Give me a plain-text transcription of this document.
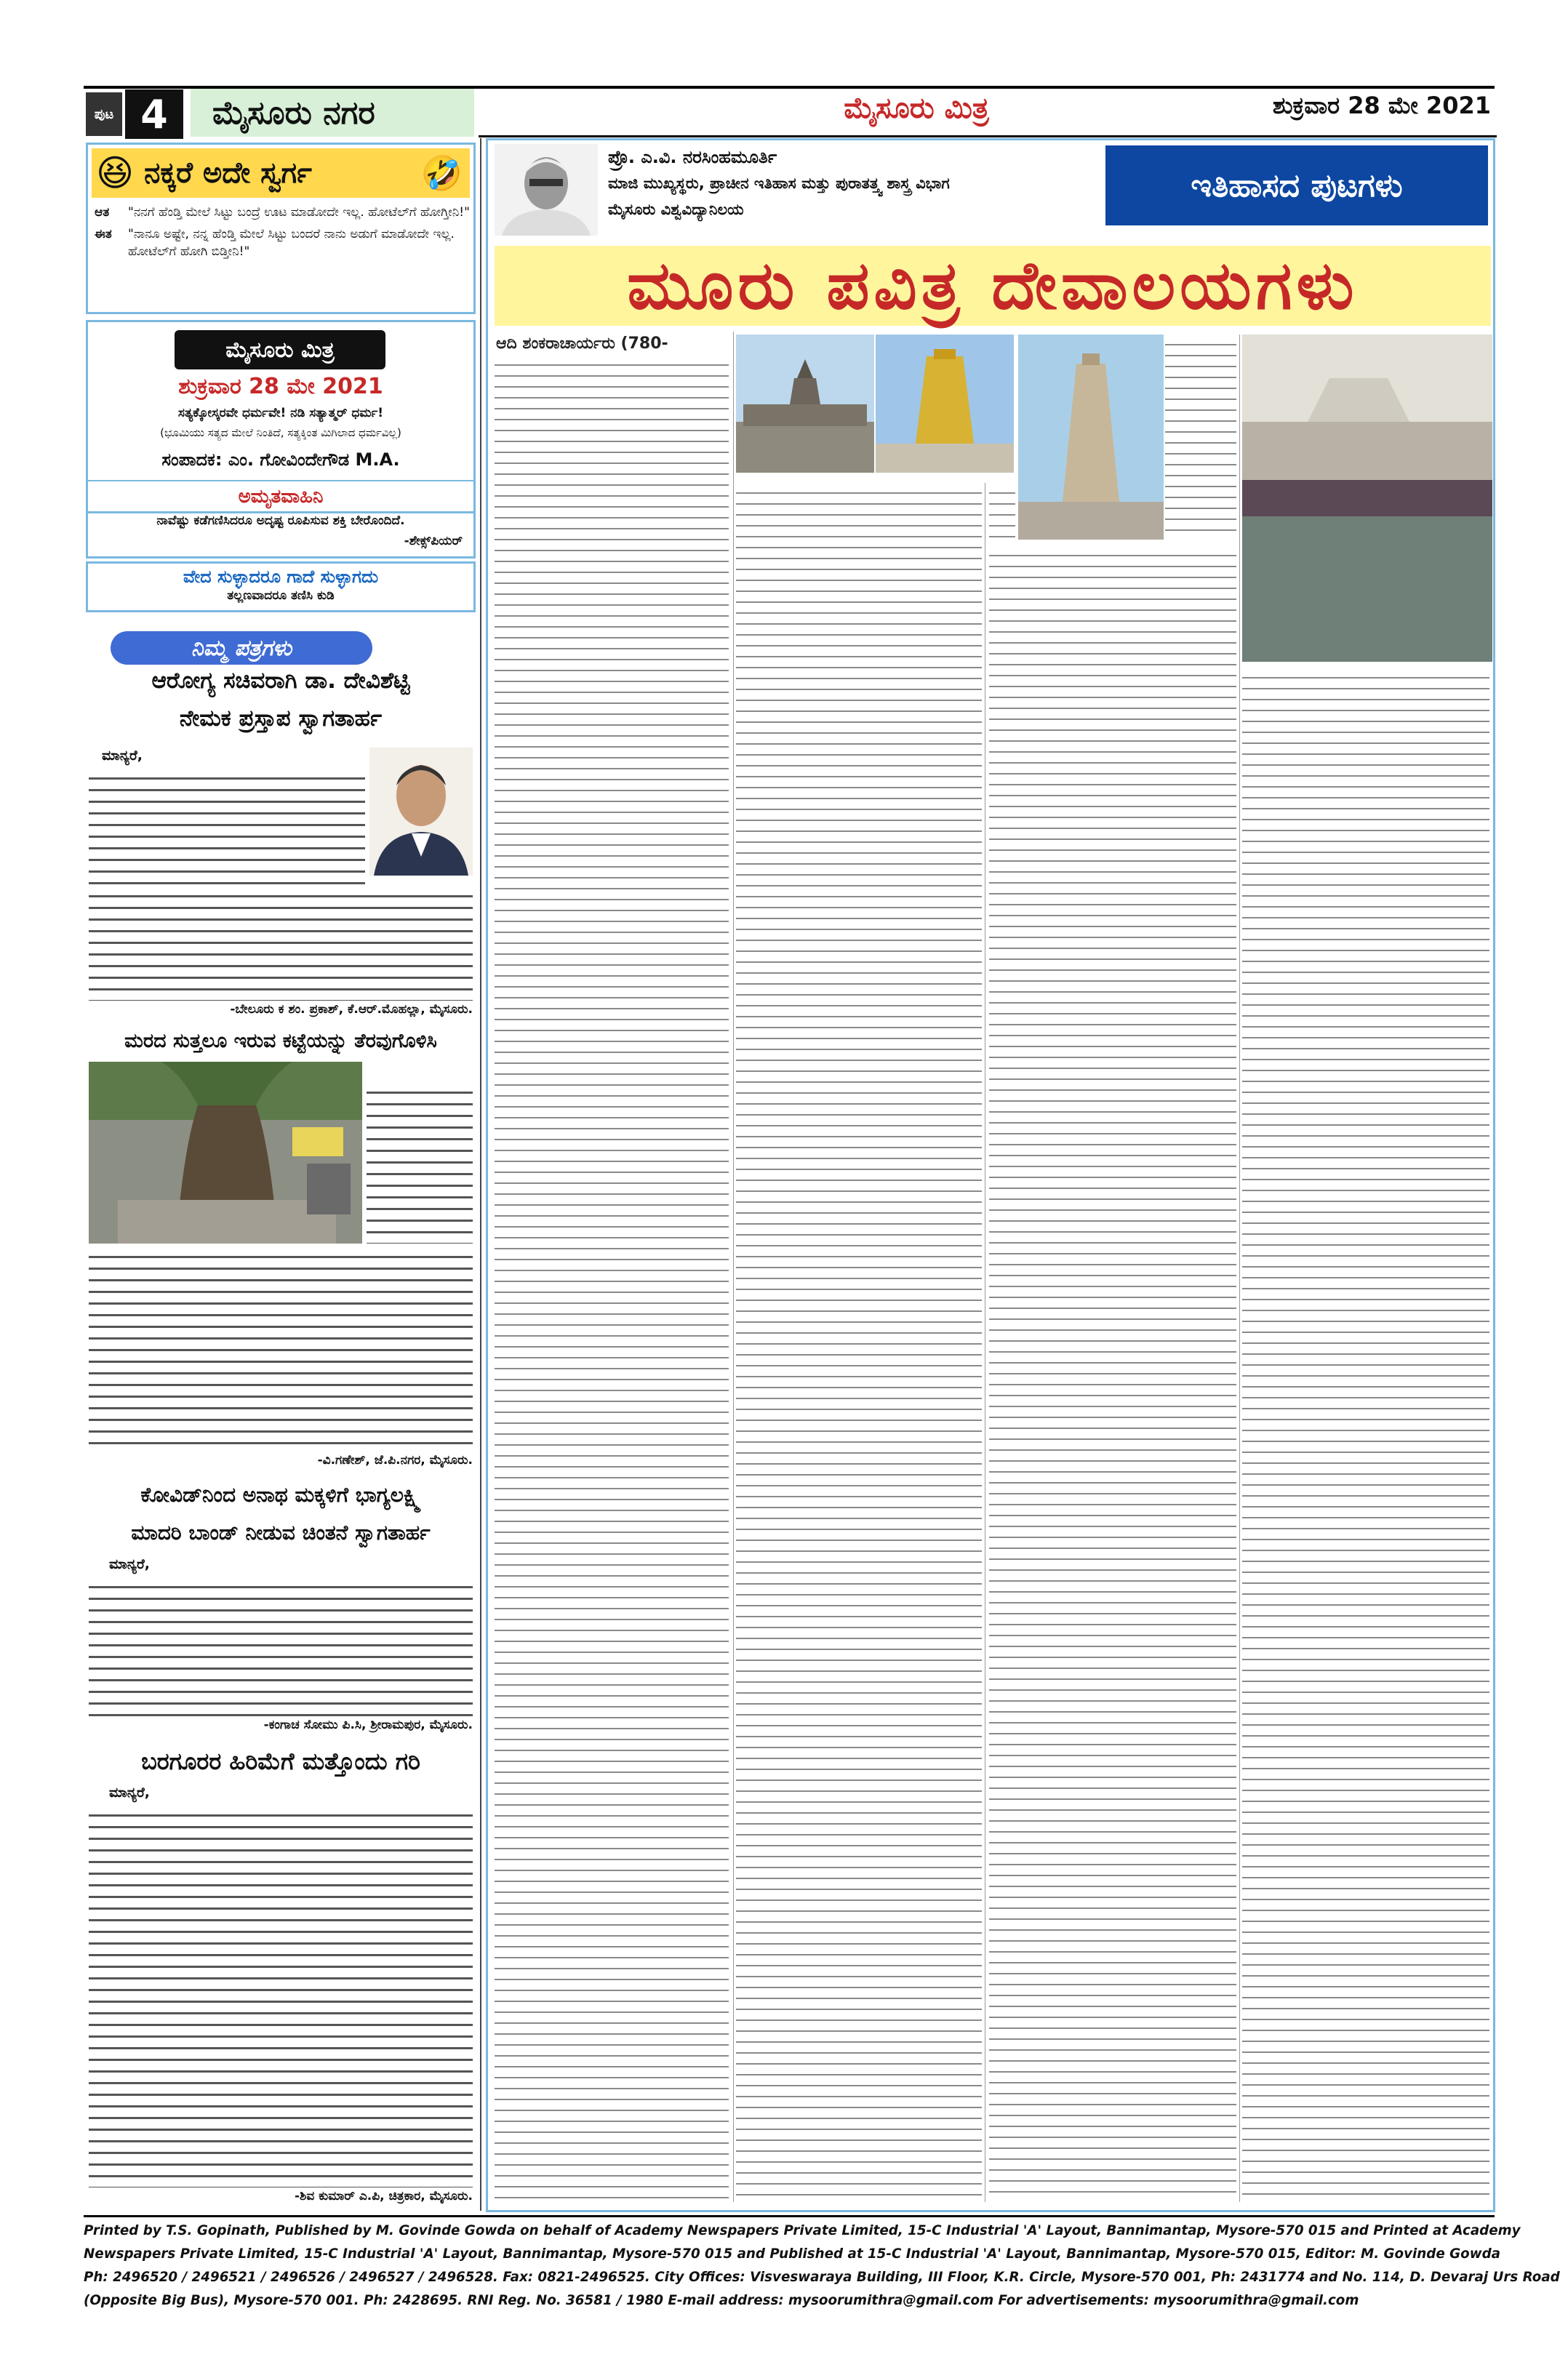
ಪುಟ 4	ಮೈಸೂರು ನಗರ	ಮೈಸೂರು ಮಿತ್ರ	ಶುಕ್ರವಾರ 28 ಮೇ 2021
😆 ನಕ್ಕರೆ ಅದೇ ಸ್ವರ್ಗ	🤣
ಆತ	"ನನಗೆ ಹೆಂಡ್ತಿ ಮೇಲೆ ಸಿಟ್ಟು ಬಂದ್ರೆ ಊಟ ಮಾಡೋದೇ ಇಲ್ಲ. ಹೋಟೆಲ್‌ಗೆ ಹೋಗ್ತೀನಿ!"
ಈತ	"ನಾನೂ ಅಷ್ಟೇ, ನನ್ನ ಹೆಂಡ್ತಿ ಮೇಲೆ ಸಿಟ್ಟು ಬಂದರೆ ನಾನು ಅಡುಗೆ ಮಾಡೋದೇ ಇಲ್ಲ. ಹೋಟೆಲ್‌ಗೆ ಹೋಗಿ ಬಿಡ್ತೀನಿ!"
ಮೈಸೂರು ಮಿತ್ರ
ಶುಕ್ರವಾರ 28 ಮೇ 2021
ಸತ್ಯಕ್ಕೋಸ್ಕರವೇ ಧರ್ಮವೇ! ನಡಿ ಸತ್ಯಾತ್ಮರ್ ಧರ್ಮ!
(ಭೂಮಿಯು ಸತ್ಯದ ಮೇಲೆ ನಿಂತಿದೆ, ಸತ್ಯಕ್ಕಿಂತ ಮಿಗಿಲಾದ ಧರ್ಮವಿಲ್ಲ)
ಸಂಪಾದಕ: ಎಂ. ಗೋವಿಂದೇಗೌಡ M.A.
ಅಮೃತವಾಹಿನಿ
ನಾವೆಷ್ಟು ಕಡೆಗಣಿಸಿದರೂ ಅದೃಷ್ಟ ರೂಪಿಸುವ ಶಕ್ತಿ ಬೇರೊಂದಿದೆ.
-ಶೇಕ್ಸ್‌ಪಿಯರ್
ವೇದ ಸುಳ್ಳಾದರೂ ಗಾದೆ ಸುಳ್ಳಾಗದು
ತಲ್ಲಣವಾದರೂ ತಣಿಸಿ ಕುಡಿ
ನಿಮ್ಮ ಪತ್ರಗಳು
ಆರೋಗ್ಯ ಸಚಿವರಾಗಿ ಡಾ. ದೇವಿಶೆಟ್ಟಿ
ನೇಮಕ ಪ್ರಸ್ತಾಪ ಸ್ವಾಗತಾರ್ಹ
ಮಾನ್ಯರೆ,
-ಬೇಲೂರು ಕ ಶಂ. ಪ್ರಕಾಶ್, ಕೆ.ಆರ್.ಮೊಹಲ್ಲಾ, ಮೈಸೂರು.
ಮರದ ಸುತ್ತಲೂ ಇರುವ ಕಟ್ಟೆಯನ್ನು ತೆರವುಗೊಳಿಸಿ
-ವಿ.ಗಣೇಶ್, ಜೆ.ಪಿ.ನಗರ, ಮೈಸೂರು.
ಕೋವಿಡ್‌ನಿಂದ ಅನಾಥ ಮಕ್ಕಳಿಗೆ ಭಾಗ್ಯಲಕ್ಷ್ಮಿ
ಮಾದರಿ ಬಾಂಡ್ ನೀಡುವ ಚಿಂತನೆ ಸ್ವಾಗತಾರ್ಹ
ಮಾನ್ಯರೆ,
-ಕಂಗಾಚ ಸೋಮು ಪಿ.ಸಿ, ಶ್ರೀರಾಮಪುರ, ಮೈಸೂರು.
ಬರಗೂರರ ಹಿರಿಮೆಗೆ ಮತ್ತೊಂದು ಗರಿ
ಮಾನ್ಯರೆ,
-ಶಿವ ಕುಮಾರ್ ಎ.ಪಿ, ಚಿತ್ರಕಾರ, ಮೈಸೂರು.
ಪ್ರೊ. ಎ.ವಿ. ನರಸಿಂಹಮೂರ್ತಿ
ಮಾಜಿ ಮುಖ್ಯಸ್ಥರು, ಪ್ರಾಚೀನ ಇತಿಹಾಸ ಮತ್ತು ಪುರಾತತ್ತ್ವ ಶಾಸ್ತ್ರ ವಿಭಾಗ
ಮೈಸೂರು ವಿಶ್ವವಿದ್ಯಾನಿಲಯ
ಇತಿಹಾಸದ ಪುಟಗಳು
ಮೂರು ಪವಿತ್ರ ದೇವಾಲಯಗಳು
ಆದಿ ಶಂಕರಾಚಾರ್ಯರು (780-
Printed by T.S. Gopinath, Published by M. Govinde Gowda on behalf of Academy Newspapers Private Limited, 15-C Industrial 'A' Layout, Bannimantap, Mysore-570 015 and Printed at Academy
Newspapers Private Limited, 15-C Industrial 'A' Layout, Bannimantap, Mysore-570 015 and Published at 15-C Industrial 'A' Layout, Bannimantap, Mysore-570 015, Editor: M. Govinde Gowda
Ph: 2496520 / 2496521 / 2496526 / 2496527 / 2496528. Fax: 0821-2496525. City Offices: Visveswaraya Building, III Floor, K.R. Circle, Mysore-570 001, Ph: 2431774 and No. 114, D. Devaraj Urs Road
(Opposite Big Bus), Mysore-570 001. Ph: 2428695. RNI Reg. No. 36581 / 1980 E-mail address: mysoorumithra@gmail.com For advertisements: mysoorumithra@gmail.com
